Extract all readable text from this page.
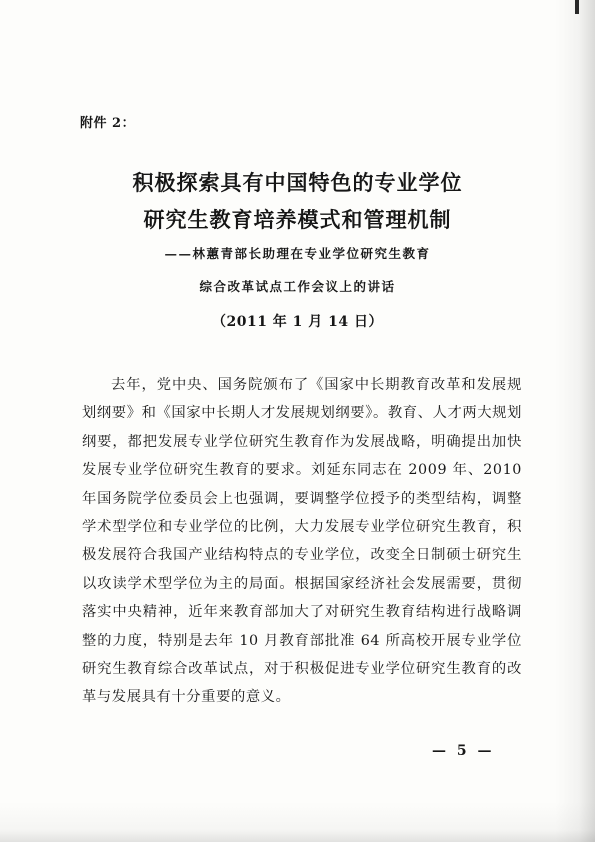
附件 2：
积极探索具有中国特色的专业学位
研究生教育培养模式和管理机制
——林蕙青部长助理在专业学位研究生教育
综合改革试点工作会议上的讲话
（2011 年 1 月 14 日）

去年，党中央、国务院颁布了《国家中长期教育改革和发展规划纲要》和《国家中长期人才发展规划纲要》。教育、人才两大规划纲要，都把发展专业学位研究生教育作为发展战略，明确提出加快发展专业学位研究生教育的要求。刘延东同志在 2009 年、2010 年国务院学位委员会上也强调，要调整学位授予的类型结构，调整学术型学位和专业学位的比例，大力发展专业学位研究生教育，积极发展符合我国产业结构特点的专业学位，改变全日制硕士研究生以攻读学术型学位为主的局面。根据国家经济社会发展需要，贯彻落实中央精神，近年来教育部加大了对研究生教育结构进行战略调整的力度，特别是去年 10 月教育部批准 64 所高校开展专业学位研究生教育综合改革试点，对于积极促进专业学位研究生教育的改革与发展具有十分重要的意义。

— 5 —
